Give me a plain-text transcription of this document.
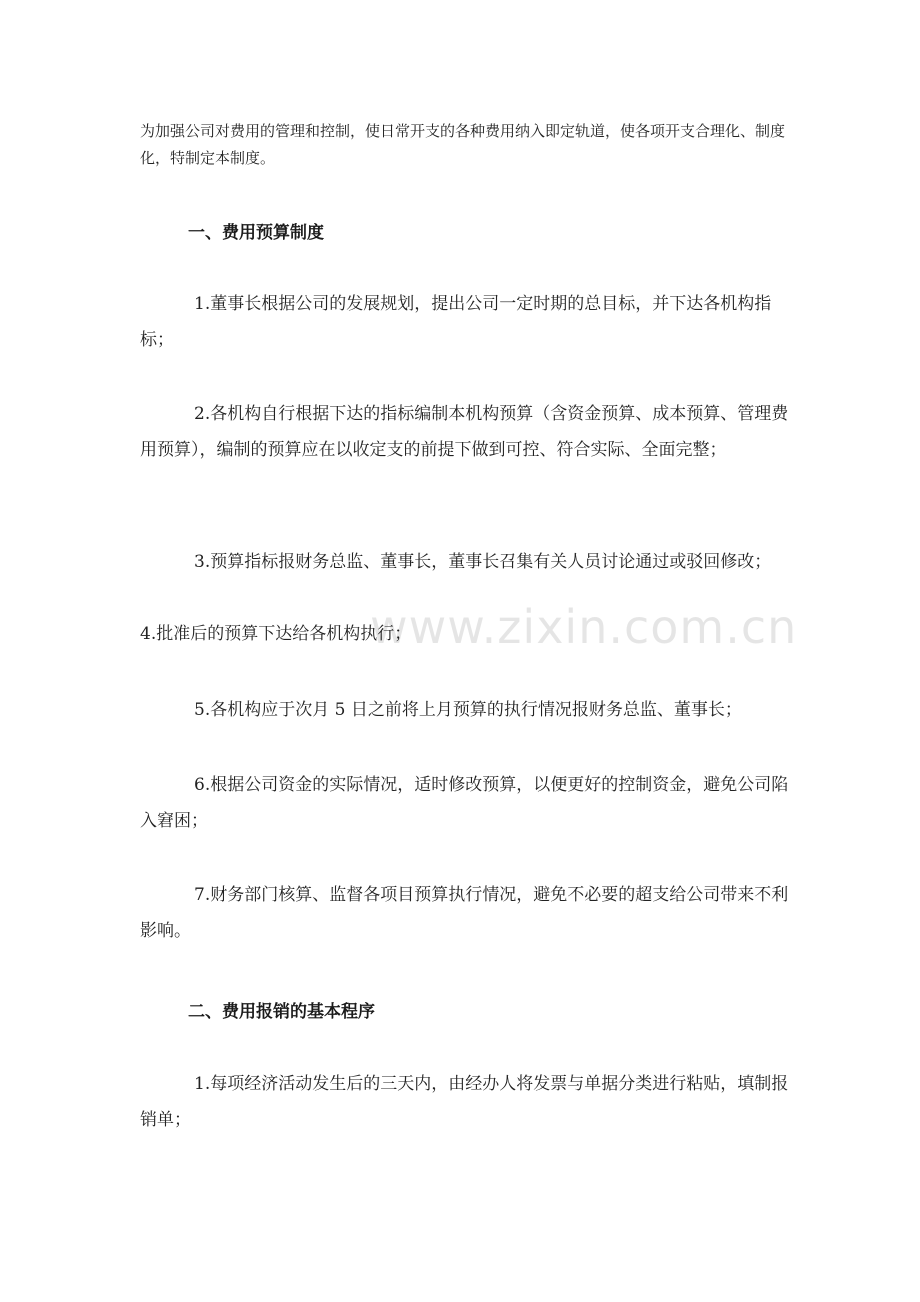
为加强公司对费用的管理和控制，使日常开支的各种费用纳入即定轨道，使各项开支合理化、制度化，特制定本制度。

一、费用预算制度

1.董事长根据公司的发展规划，提出公司一定时期的总目标，并下达各机构指标；

2.各机构自行根据下达的指标编制本机构预算（含资金预算、成本预算、管理费用预算），编制的预算应在以收定支的前提下做到可控、符合实际、全面完整；

3.预算指标报财务总监、董事长，董事长召集有关人员讨论通过或驳回修改；

4.批准后的预算下达给各机构执行；

5.各机构应于次月 5 日之前将上月预算的执行情况报财务总监、董事长；

6.根据公司资金的实际情况，适时修改预算，以便更好的控制资金，避免公司陷入窘困；

7.财务部门核算、监督各项目预算执行情况，避免不必要的超支给公司带来不利影响。

二、费用报销的基本程序

1.每项经济活动发生后的三天内，由经办人将发票与单据分类进行粘贴，填制报销单；

www.zixin.com.cn
